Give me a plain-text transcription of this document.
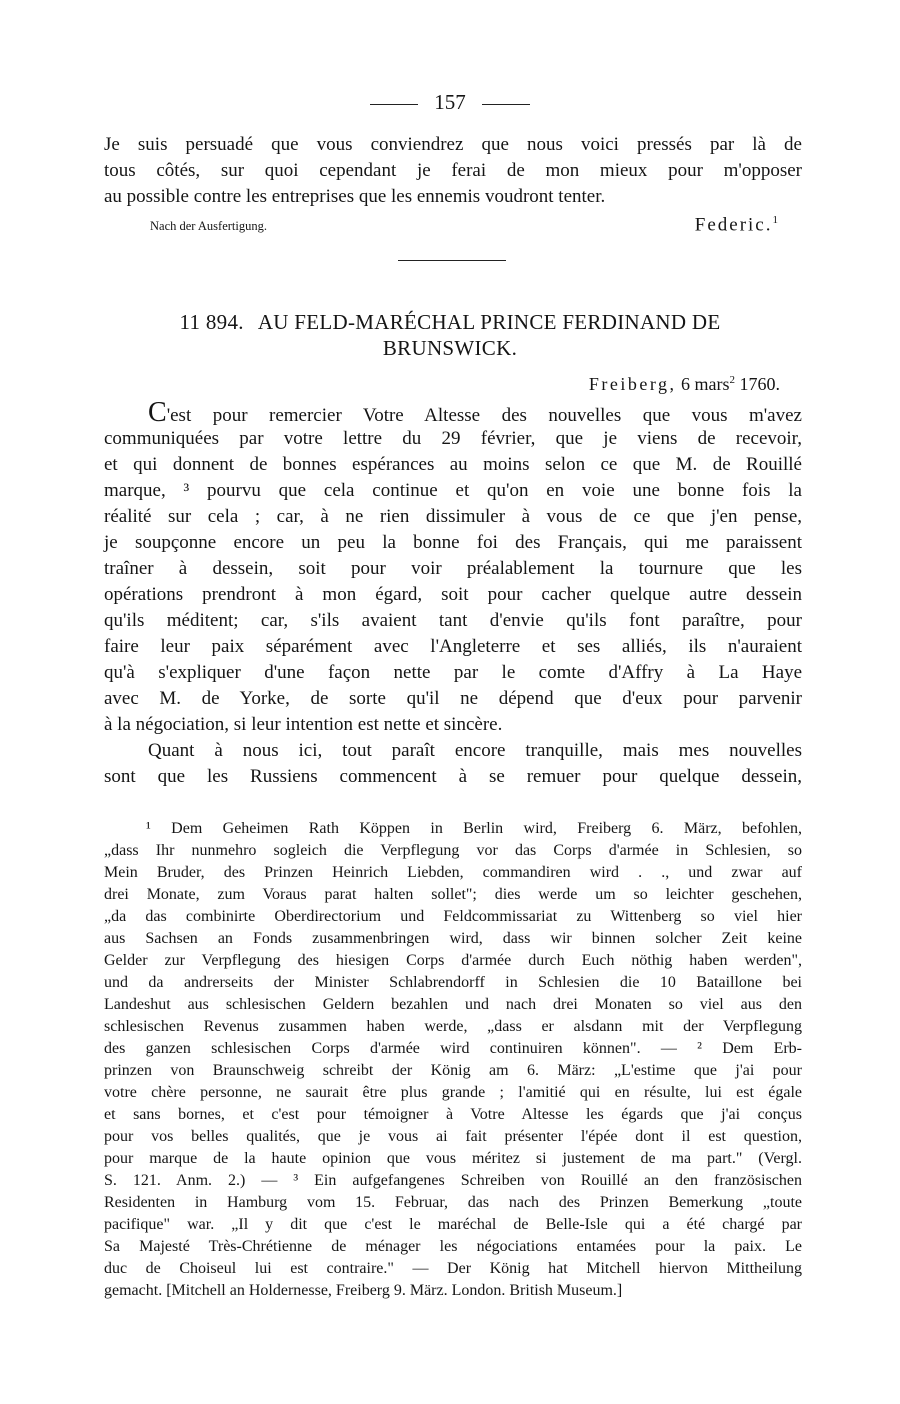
157
Je suis persuadé que vous conviendrez que nous voici pressés par là de
tous côtés, sur quoi cependant je ferai de mon mieux pour m'opposer
au possible contre les entreprises que les ennemis voudront tenter.
Nach der Ausfertigung.	Federic.$^1$
11 894. AU FELD-MARÉCHAL PRINCE FERDINAND DE
BRUNSWICK.
Freiberg, 6 mars$^2$ 1760.
C'est pour remercier Votre Altesse des nouvelles que vous m'avez
communiquées par votre lettre du 29 février, que je viens de recevoir,
et qui donnent de bonnes espérances au moins selon ce que M. de Rouillé
marque, ³ pourvu que cela continue et qu'on en voie une bonne fois la
réalité sur cela ; car, à ne rien dissimuler à vous de ce que j'en pense,
je soupçonne encore un peu la bonne foi des Français, qui me paraissent
traîner à dessein, soit pour voir préalablement la tournure que les
opérations prendront à mon égard, soit pour cacher quelque autre dessein
qu'ils méditent; car, s'ils avaient tant d'envie qu'ils font paraître, pour
faire leur paix séparément avec l'Angleterre et ses alliés, ils n'auraient
qu'à s'expliquer d'une façon nette par le comte d'Affry à La Haye
avec M. de Yorke, de sorte qu'il ne dépend que d'eux pour parvenir
à la négociation, si leur intention est nette et sincère.
Quant à nous ici, tout paraît encore tranquille, mais mes nouvelles
sont que les Russiens commencent à se remuer pour quelque dessein,
¹ Dem Geheimen Rath Köppen in Berlin wird, Freiberg 6. März, befohlen,
„dass Ihr nunmehro sogleich die Verpflegung vor das Corps d'armée in Schlesien, so
Mein Bruder, des Prinzen Heinrich Liebden, commandiren wird . ., und zwar auf
drei Monate, zum Voraus parat halten sollet"; dies werde um so leichter geschehen,
„da das combinirte Oberdirectorium und Feldcommissariat zu Wittenberg so viel hier
aus Sachsen an Fonds zusammenbringen wird, dass wir binnen solcher Zeit keine
Gelder zur Verpflegung des hiesigen Corps d'armée durch Euch nöthig haben werden",
und da andrerseits der Minister Schlabrendorff in Schlesien die 10 Bataillone bei
Landeshut aus schlesischen Geldern bezahlen und nach drei Monaten so viel aus den
schlesischen Revenus zusammen haben werde, „dass er alsdann mit der Verpflegung
des ganzen schlesischen Corps d'armée wird continuiren können". — ² Dem Erb-
prinzen von Braunschweig schreibt der König am 6. März: „L'estime que j'ai pour
votre chère personne, ne saurait être plus grande ; l'amitié qui en résulte, lui est égale
et sans bornes, et c'est pour témoigner à Votre Altesse les égards que j'ai conçus
pour vos belles qualités, que je vous ai fait présenter l'épée dont il est question,
pour marque de la haute opinion que vous méritez si justement de ma part." (Vergl.
S. 121. Anm. 2.) — ³ Ein aufgefangenes Schreiben von Rouillé an den französischen
Residenten in Hamburg vom 15. Februar, das nach des Prinzen Bemerkung „toute
pacifique" war. „Il y dit que c'est le maréchal de Belle-Isle qui a été chargé par
Sa Majesté Très-Chrétienne de ménager les négociations entamées pour la paix. Le
duc de Choiseul lui est contraire." — Der König hat Mitchell hiervon Mittheilung
gemacht. [Mitchell an Holdernesse, Freiberg 9. März. London. British Museum.]
